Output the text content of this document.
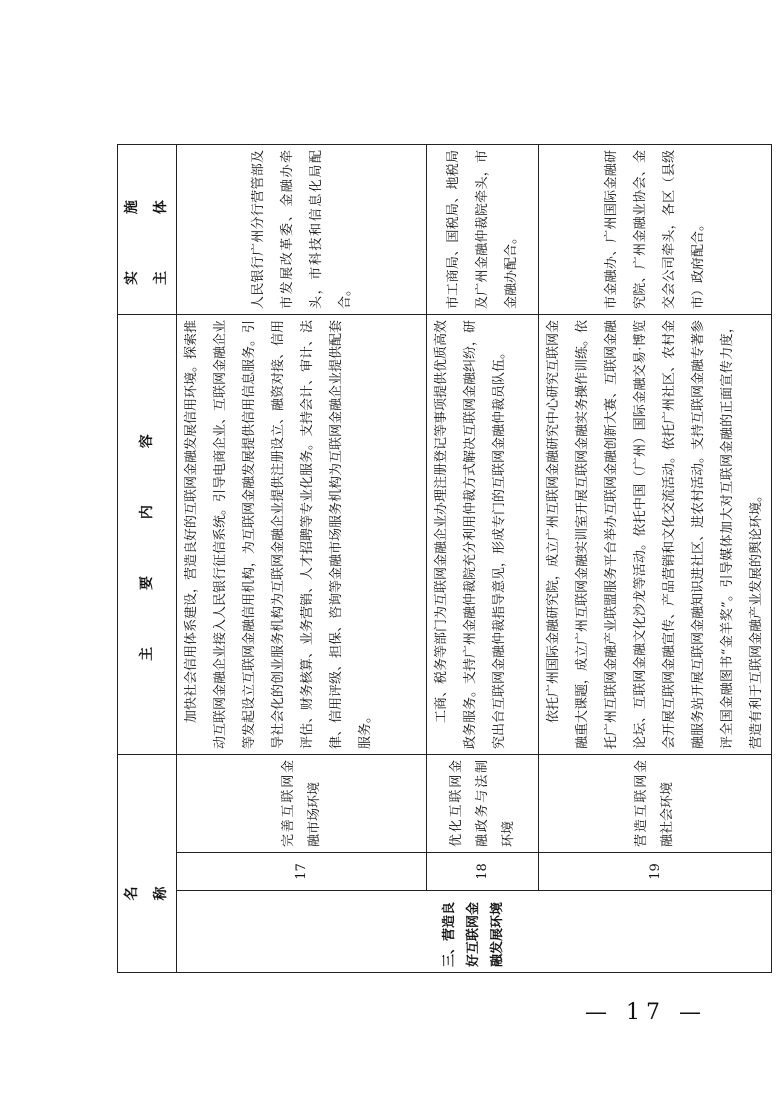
名 称			主 要 内 容	实 施 主 体
三、营造良好互联网金融发展环境	17	完善互联网金融市场环境	加快社会信用体系建设，营造良好的互联网金融发展信用环境。探索推动互联网金融企业接入人民银行征信系统。引导电商企业、互联网金融企业等发起设立互联网金融信用机构，为互联网金融发展提供信用信息服务。引导社会化的创业服务机构为互联网金融企业提供注册设立、融资对接、信用评估、财务核算、业务营销、人才招聘等专业化服务。支持会计、审计、法律、信用评级、担保、咨询等金融市场服务机构为互联网金融企业提供配套服务。	人民银行广州分行营管部及市发展改革委、金融办牵头，市科技和信息化局配合。
	18	优化互联网金融政务与法制环境	工商、税务等部门为互联网金融企业办理注册登记等事项提供优质高效政务服务。支持广州金融仲裁院充分利用仲裁方式解决互联网金融纠纷，研究出台互联网金融仲裁指导意见，形成专门的互联网金融仲裁员队伍。	市工商局、国税局、地税局及广州金融仲裁院牵头，市金融办配合。
	19	营造互联网金融社会环境	依托广州国际金融研究院，成立广州互联网金融研究中心研究互联网金融重大课题，成立广州互联网金融实训室开展互联网金融实务操作训练。依托广州互联网金融产业联盟服务平台举办互联网金融创新大赛、互联网金融论坛、互联网金融文化沙龙等活动。依托中国（广州）国际金融交易·博览会开展互联网金融宣传、产品营销和文化交流活动。依托广州社区、农村金融服务站开展互联网金融知识进社区、进农村活动。支持互联网金融专著参评全国金融图书“金羊奖”。引导媒体加大对互联网金融的正面宣传力度，营造有利于互联网金融产业发展的舆论环境。	市金融办、广州国际金融研究院、广州金融业协会、金交会公司牵头，各区（县级市）政府配合。
— 17 —
